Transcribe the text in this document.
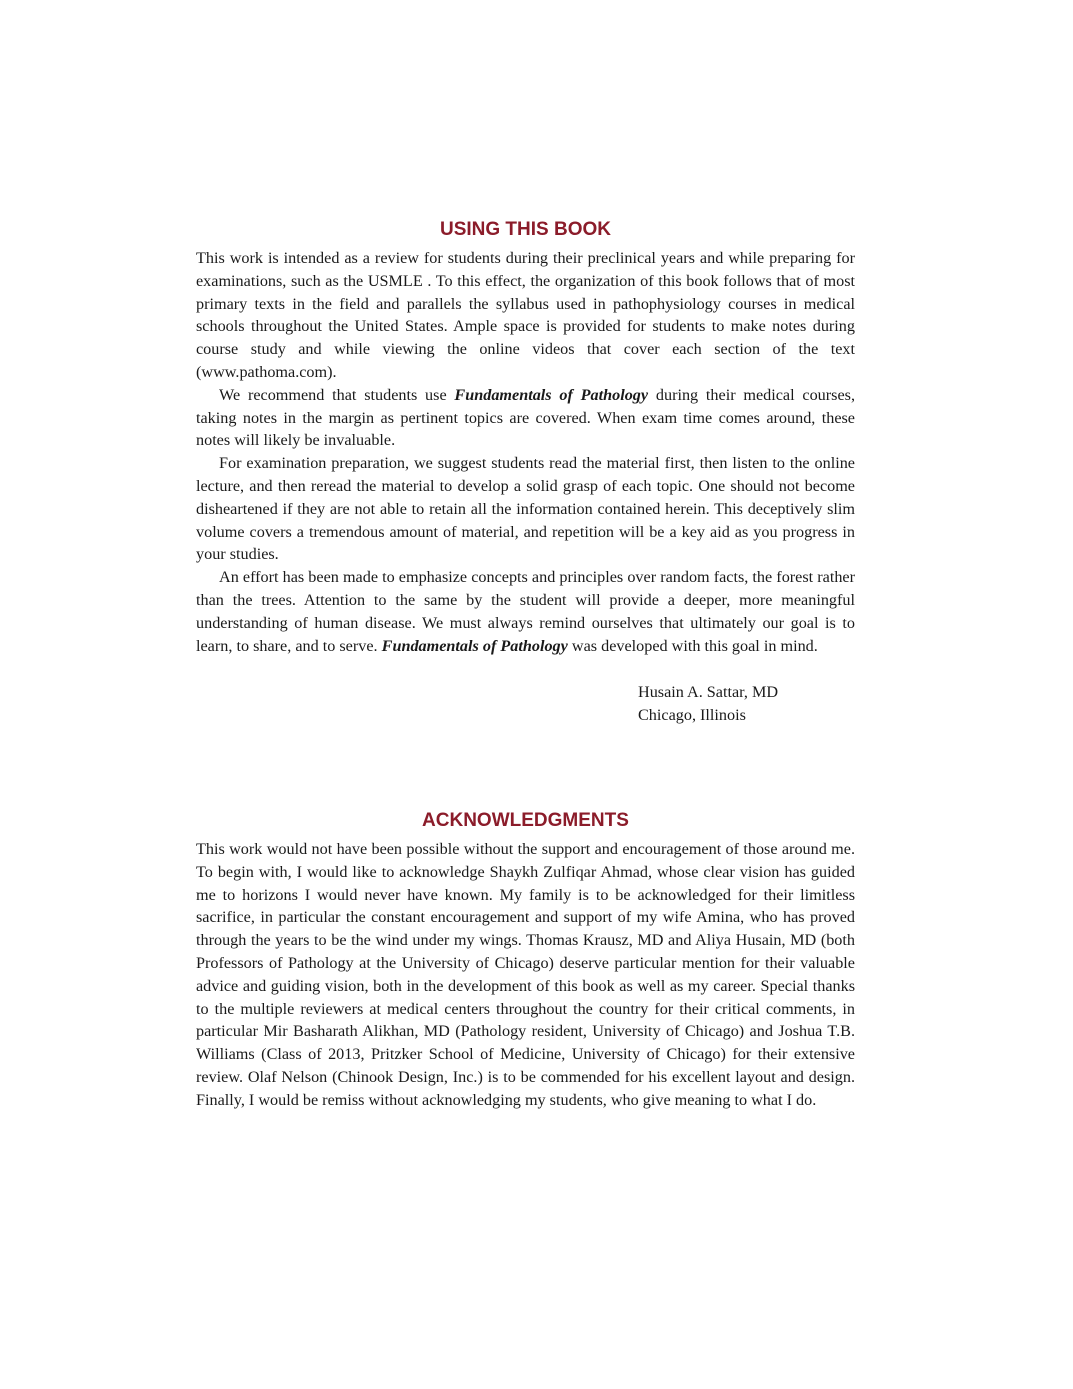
USING THIS BOOK

This work is intended as a review for students during their preclinical years and while preparing for examinations, such as the USMLE . To this effect, the organization of this book follows that of most primary texts in the field and parallels the syllabus used in pathophysiology courses in medical schools throughout the United States. Ample space is provided for students to make notes during course study and while viewing the online videos that cover each section of the text (www.pathoma.com).

We recommend that students use Fundamentals of Pathology during their medical courses, taking notes in the margin as pertinent topics are covered. When exam time comes around, these notes will likely be invaluable.

For examination preparation, we suggest students read the material first, then listen to the online lecture, and then reread the material to develop a solid grasp of each topic. One should not become disheartened if they are not able to retain all the information contained herein. This deceptively slim volume covers a tremendous amount of material, and repetition will be a key aid as you progress in your studies.

An effort has been made to emphasize concepts and principles over random facts, the forest rather than the trees. Attention to the same by the student will provide a deeper, more meaningful understanding of human disease. We must always remind ourselves that ultimately our goal is to learn, to share, and to serve. Fundamentals of Pathology was developed with this goal in mind.

Husain A. Sattar, MD
Chicago, Illinois
ACKNOWLEDGMENTS

This work would not have been possible without the support and encouragement of those around me. To begin with, I would like to acknowledge Shaykh Zulfiqar Ahmad, whose clear vision has guided me to horizons I would never have known. My family is to be acknowledged for their limitless sacrifice, in particular the constant encouragement and support of my wife Amina, who has proved through the years to be the wind under my wings. Thomas Krausz, MD and Aliya Husain, MD (both Professors of Pathology at the University of Chicago) deserve particular mention for their valuable advice and guiding vision, both in the development of this book as well as my career. Special thanks to the multiple reviewers at medical centers throughout the country for their critical comments, in particular Mir Basharath Alikhan, MD (Pathology resident, University of Chicago) and Joshua T.B. Williams (Class of 2013, Pritzker School of Medicine, University of Chicago) for their extensive review. Olaf Nelson (Chinook Design, Inc.) is to be commended for his excellent layout and design. Finally, I would be remiss without acknowledging my students, who give meaning to what I do.
